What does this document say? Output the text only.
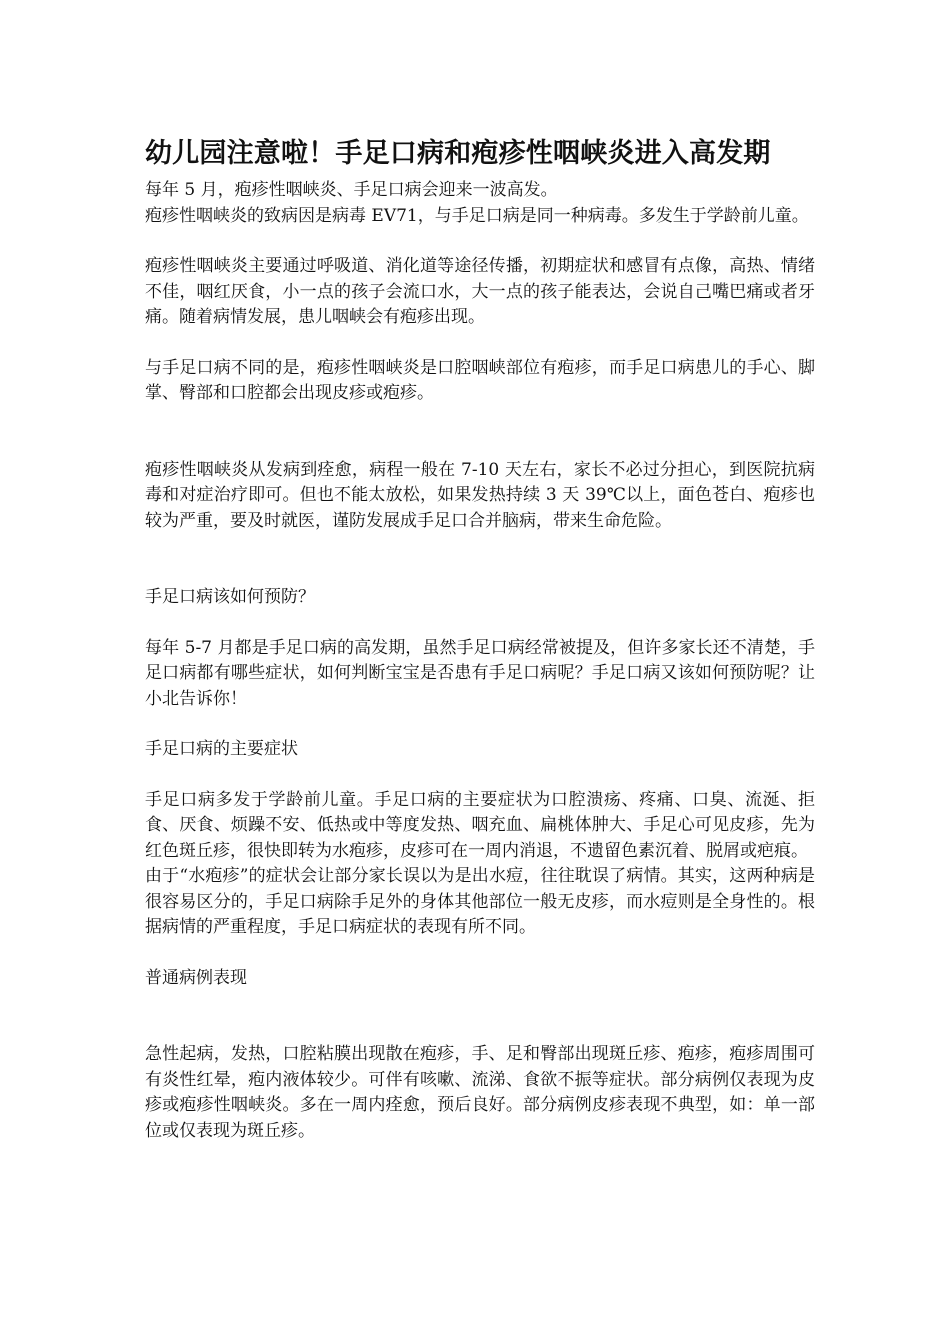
幼儿园注意啦！手足口病和疱疹性咽峡炎进入高发期

每年 5 月，疱疹性咽峡炎、手足口病会迎来一波高发。

疱疹性咽峡炎的致病因是病毒 EV71，与手足口病是同一种病毒。多发生于学龄前儿童。

疱疹性咽峡炎主要通过呼吸道、消化道等途径传播，初期症状和感冒有点像，高热、情绪不佳，咽红厌食，小一点的孩子会流口水，大一点的孩子能表达，会说自己嘴巴痛或者牙痛。随着病情发展，患儿咽峡会有疱疹出现。

与手足口病不同的是，疱疹性咽峡炎是口腔咽峡部位有疱疹，而手足口病患儿的手心、脚掌、臀部和口腔都会出现皮疹或疱疹。

疱疹性咽峡炎从发病到痊愈，病程一般在 7-10 天左右，家长不必过分担心，到医院抗病毒和对症治疗即可。但也不能太放松，如果发热持续 3 天 39℃以上，面色苍白、疱疹也较为严重，要及时就医，谨防发展成手足口合并脑病，带来生命危险。

手足口病该如何预防？

每年 5-7 月都是手足口病的高发期，虽然手足口病经常被提及，但许多家长还不清楚，手足口病都有哪些症状，如何判断宝宝是否患有手足口病呢？手足口病又该如何预防呢？让小北告诉你！

手足口病的主要症状

手足口病多发于学龄前儿童。手足口病的主要症状为口腔溃疡、疼痛、口臭、流涎、拒食、厌食、烦躁不安、低热或中等度发热、咽充血、扁桃体肿大、手足心可见皮疹，先为红色斑丘疹，很快即转为水疱疹，皮疹可在一周内消退，不遗留色素沉着、脱屑或疤痕。

由于“水疱疹”的症状会让部分家长误以为是出水痘，往往耽误了病情。其实，这两种病是很容易区分的，手足口病除手足外的身体其他部位一般无皮疹，而水痘则是全身性的。根据病情的严重程度，手足口病症状的表现有所不同。

普通病例表现

急性起病，发热，口腔粘膜出现散在疱疹，手、足和臀部出现斑丘疹、疱疹，疱疹周围可有炎性红晕，疱内液体较少。可伴有咳嗽、流涕、食欲不振等症状。部分病例仅表现为皮疹或疱疹性咽峡炎。多在一周内痊愈，预后良好。部分病例皮疹表现不典型，如：单一部位或仅表现为斑丘疹。
